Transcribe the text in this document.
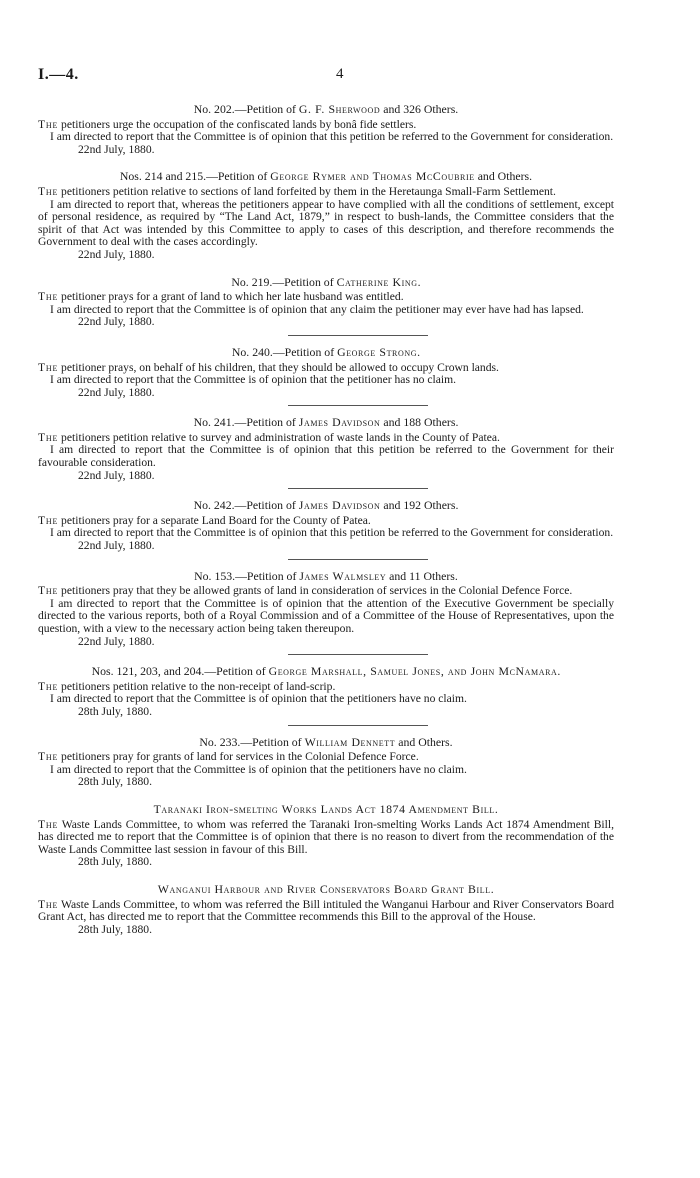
I.—4.	4

No. 202.—Petition of G. F. Sherwood and 326 Others.

The petitioners urge the occupation of the confiscated lands by bonâ fide settlers.

I am directed to report that the Committee is of opinion that this petition be referred to the Government for consideration.

22nd July, 1880.

Nos. 214 and 215.—Petition of George Rymer and Thomas McCoubrie and Others.

The petitioners petition relative to sections of land forfeited by them in the Heretaunga Small-Farm Settlement.

I am directed to report that, whereas the petitioners appear to have complied with all the conditions of settlement, except of personal residence, as required by “The Land Act, 1879,” in respect to bush-lands, the Committee considers that the spirit of that Act was intended by this Committee to apply to cases of this description, and therefore recommends the Government to deal with the cases accordingly.

22nd July, 1880.

No. 219.—Petition of Catherine King.

The petitioner prays for a grant of land to which her late husband was entitled.

I am directed to report that the Committee is of opinion that any claim the petitioner may ever have had has lapsed.

22nd July, 1880.

No. 240.—Petition of George Strong.

The petitioner prays, on behalf of his children, that they should be allowed to occupy Crown lands.

I am directed to report that the Committee is of opinion that the petitioner has no claim.

22nd July, 1880.

No. 241.—Petition of James Davidson and 188 Others.

The petitioners petition relative to survey and administration of waste lands in the County of Patea.

I am directed to report that the Committee is of opinion that this petition be referred to the Government for their favourable consideration.

22nd July, 1880.

No. 242.—Petition of James Davidson and 192 Others.

The petitioners pray for a separate Land Board for the County of Patea.

I am directed to report that the Committee is of opinion that this petition be referred to the Government for consideration.

22nd July, 1880.

No. 153.—Petition of James Walmsley and 11 Others.

The petitioners pray that they be allowed grants of land in consideration of services in the Colonial Defence Force.

I am directed to report that the Committee is of opinion that the attention of the Executive Government be specially directed to the various reports, both of a Royal Commission and of a Committee of the House of Representatives, upon the question, with a view to the necessary action being taken thereupon.

22nd July, 1880.

Nos. 121, 203, and 204.—Petition of George Marshall, Samuel Jones, and John McNamara.

The petitioners petition relative to the non-receipt of land-scrip.

I am directed to report that the Committee is of opinion that the petitioners have no claim.

28th July, 1880.

No. 233.—Petition of William Dennett and Others.

The petitioners pray for grants of land for services in the Colonial Defence Force.

I am directed to report that the Committee is of opinion that the petitioners have no claim.

28th July, 1880.

Taranaki Iron-smelting Works Lands Act 1874 Amendment Bill.

The Waste Lands Committee, to whom was referred the Taranaki Iron-smelting Works Lands Act 1874 Amendment Bill, has directed me to report that the Committee is of opinion that there is no reason to divert from the recommendation of the Waste Lands Committee last session in favour of this Bill.

28th July, 1880.

Wanganui Harbour and River Conservators Board Grant Bill.

The Waste Lands Committee, to whom was referred the Bill intituled the Wanganui Harbour and River Conservators Board Grant Act, has directed me to report that the Committee recommends this Bill to the approval of the House.

28th July, 1880.
